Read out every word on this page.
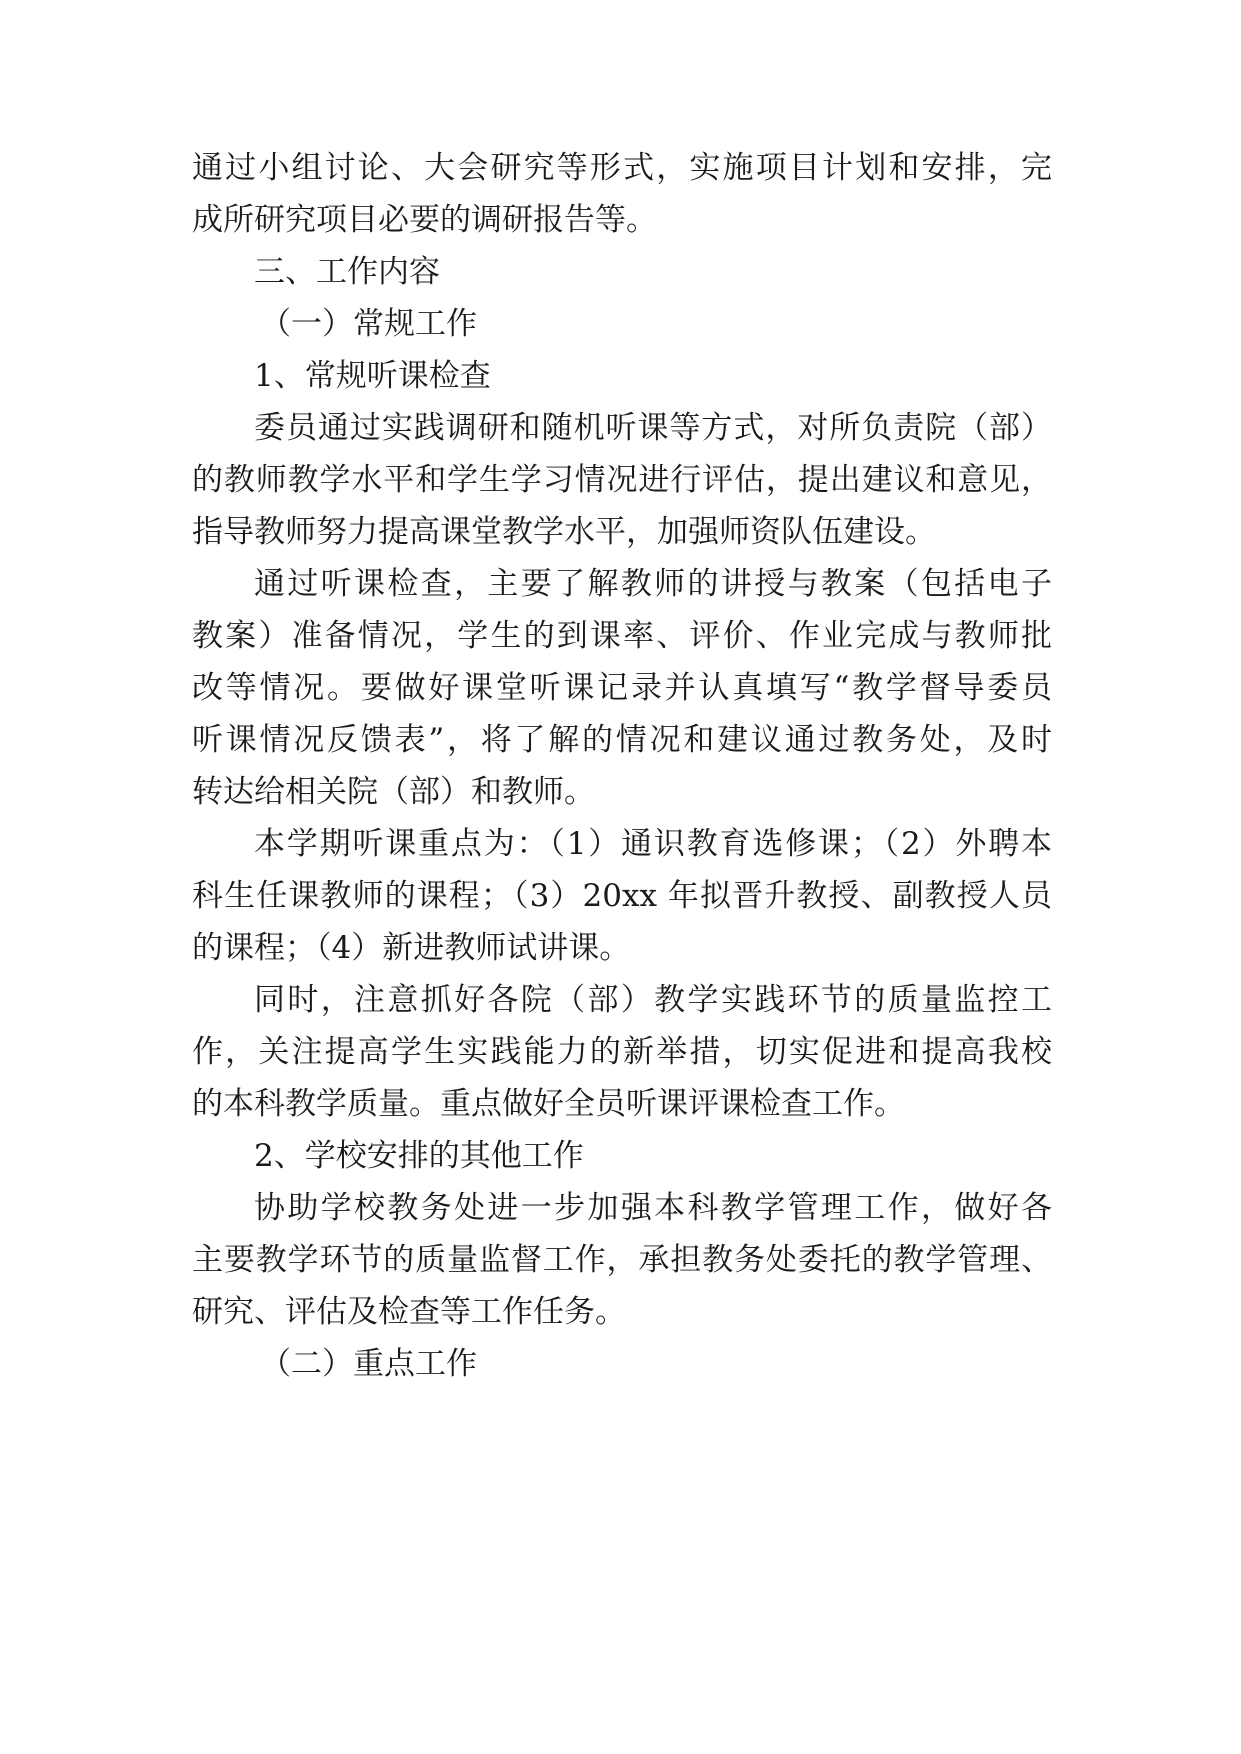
通过小组讨论、大会研究等形式，实施项目计划和安排，完
成所研究项目必要的调研报告等。
三、工作内容
（一）常规工作
1、常规听课检查
委员通过实践调研和随机听课等方式，对所负责院（部）
的教师教学水平和学生学习情况进行评估，提出建议和意见，
指导教师努力提高课堂教学水平，加强师资队伍建设。
通过听课检查，主要了解教师的讲授与教案（包括电子
教案）准备情况，学生的到课率、评价、作业完成与教师批
改等情况。要做好课堂听课记录并认真填写“教学督导委员
听课情况反馈表”，将了解的情况和建议通过教务处，及时
转达给相关院（部）和教师。
本学期听课重点为：（1）通识教育选修课；（2）外聘本
科生任课教师的课程；（3）20xx 年拟晋升教授、副教授人员
的课程；（4）新进教师试讲课。
同时，注意抓好各院（部）教学实践环节的质量监控工
作，关注提高学生实践能力的新举措，切实促进和提高我校
的本科教学质量。重点做好全员听课评课检查工作。
2、学校安排的其他工作
协助学校教务处进一步加强本科教学管理工作，做好各
主要教学环节的质量监督工作，承担教务处委托的教学管理、
研究、评估及检查等工作任务。
（二）重点工作
